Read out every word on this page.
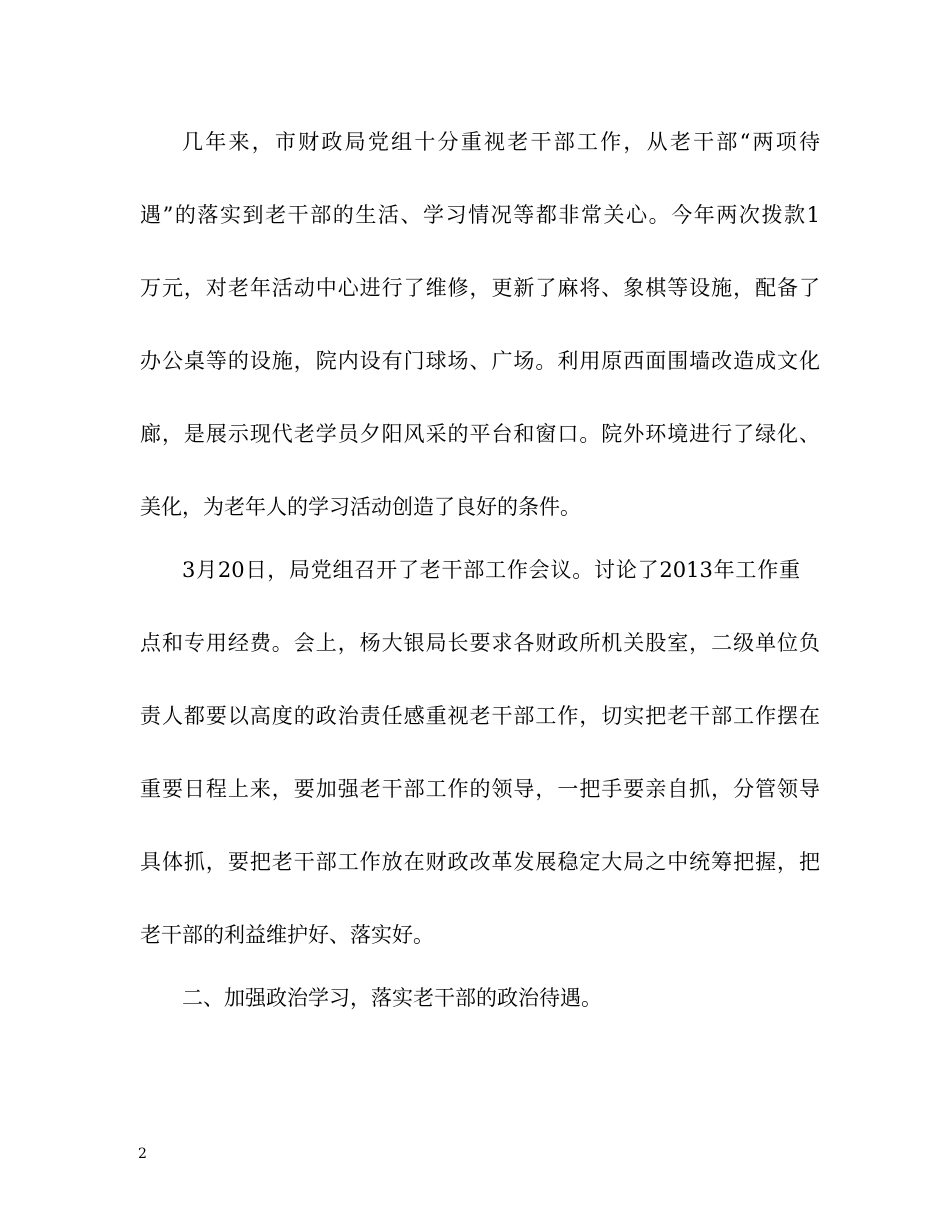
几年来，市财政局党组十分重视老干部工作，从老干部“两项待
遇”的落实到老干部的生活、学习情况等都非常关心。今年两次拨款1
万元，对老年活动中心进行了维修，更新了麻将、象棋等设施，配备了
办公桌等的设施，院内设有门球场、广场。利用原西面围墙改造成文化
廊，是展示现代老学员夕阳风采的平台和窗口。院外环境进行了绿化、
美化，为老年人的学习活动创造了良好的条件。
3月20日，局党组召开了老干部工作会议。讨论了2013年工作重
点和专用经费。会上，杨大银局长要求各财政所机关股室，二级单位负
责人都要以高度的政治责任感重视老干部工作，切实把老干部工作摆在
重要日程上来，要加强老干部工作的领导，一把手要亲自抓，分管领导
具体抓，要把老干部工作放在财政改革发展稳定大局之中统筹把握，把
老干部的利益维护好、落实好。
二、加强政治学习，落实老干部的政治待遇。
2
